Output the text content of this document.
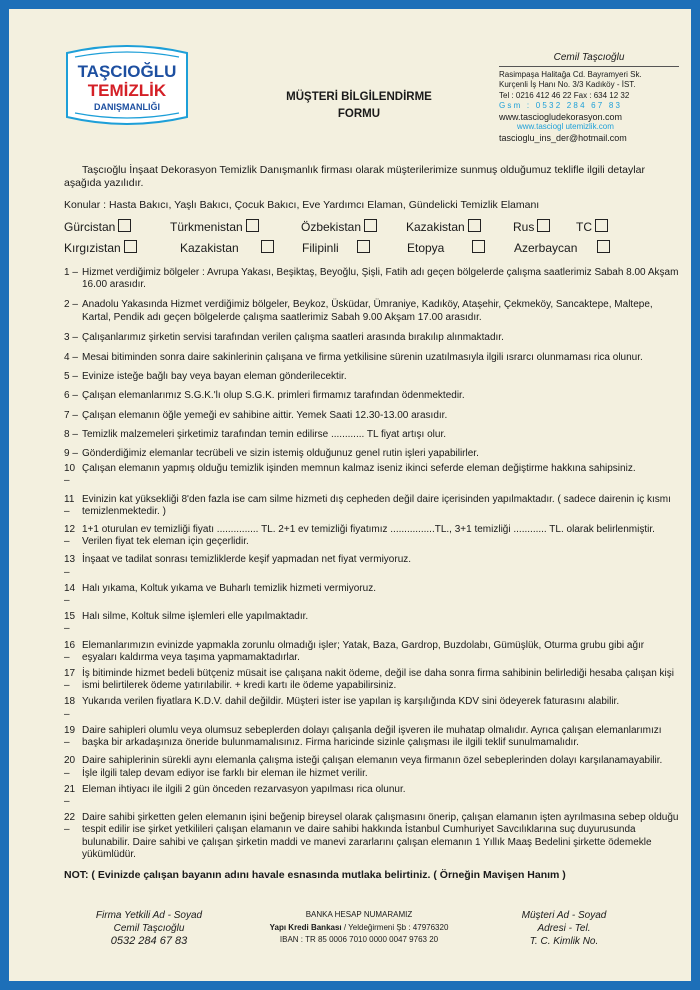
TAŞCIOĞLU
TEMİZLİK
DANIŞMANLIĞI
MÜŞTERİ BİLGİLENDİRME
FORMU
Cemil Taşcıoğlu
Rasimpaşa Halitağa Cd. Bayramyeri Sk.
Kurçenli İş Hanı No. 3/3 Kadıköy - İST.
Tel : 0216 412 46 22 Fax : 634 12 32
Gsm : 0532 284 67 83
www.tasciogludekorasyon.com
www.tasciogl utemizlik.com
tascioglu_ins_der@hotmail.com

Taşcıoğlu İnşaat Dekorasyon Temizlik Danışmanlık firması olarak müşterilerimize sunmuş olduğumuz teklifle ilgili detaylar aşağıda yazılıdır.

Konular : Hasta Bakıcı, Yaşlı Bakıcı, Çocuk Bakıcı, Eve Yardımcı Elaman, Gündelicki Temizlik Elamanı
Gürcistan	Türkmenistan	Özbekistan	Kazakistan	Rus	TC
Kırgızistan	Kazakistan	Filipinli	Etopya	Azerbaycan
1 – Hizmet verdiğimiz bölgeler : Avrupa Yakası, Beşiktaş, Beyoğlu, Şişli, Fatih adı geçen bölgelerde çalışma saatlerimiz Sabah 8.00 Akşam 16.00 arasıdır.
2 – Anadolu Yakasında Hizmet verdiğimiz bölgeler, Beykoz, Üsküdar, Ümraniye, Kadıköy, Ataşehir, Çekmeköy, Sancaktepe, Maltepe, Kartal, Pendik adı geçen bölgelerde çalışma saatlerimiz Sabah 9.00 Akşam 17.00 arasıdır.
3 – Çalışanlarımız şirketin servisi tarafından verilen çalışma saatleri arasında bırakılıp alınmaktadır.
4 – Mesai bitiminden sonra daire sakinlerinin çalışana ve firma yetkilisine sürenin uzatılmasıyla ilgili ısrarcı olunmaması rica olunur.
5 – Evinize isteğe bağlı bay veya bayan eleman gönderilecektir.
6 – Çalışan elemanlarımız S.G.K.'lı olup S.G.K. primleri firmamız tarafından ödenmektedir.
7 – Çalışan elemanın öğle yemeği ev sahibine aittir. Yemek Saati 12.30-13.00 arasıdır.
8 – Temizlik malzemeleri şirketimiz tarafından temin edilirse ............ TL fiyat artışı olur.
9 – Gönderdiğimiz elemanlar tecrübeli ve sizin istemiş olduğunuz genel rutin işleri yapabilirler.
10 –
Çalışan elemanın yapmış olduğu temizlik işinden memnun kalmaz iseniz ikinci seferde eleman değiştirme hakkına sahipsiniz.
11 –
Evinizin kat yüksekliği 8'den fazla ise cam silme hizmeti dış cepheden değil daire içerisinden yapılmaktadır. ( sadece dairenin iç kısmı temizlenmektedir. )
12 –
1+1 oturulan ev temizliği fiyatı ............... TL. 2+1 ev temizliği fiyatımız ................TL., 3+1 temizliği ............ TL. olarak belirlenmiştir. Verilen fiyat tek eleman için geçerlidir.
13 –
İnşaat ve tadilat sonrası temizliklerde keşif yapmadan net fiyat vermiyoruz.
14 –
Halı yıkama, Koltuk yıkama ve Buharlı temizlik hizmeti vermiyoruz.
15 –
Halı silme, Koltuk silme işlemleri elle yapılmaktadır.
16 –
Elemanlarımızın evinizde yapmakla zorunlu olmadığı işler; Yatak, Baza, Gardrop, Buzdolabı, Gümüşlük, Oturma grubu gibi ağır eşyaları kaldırma veya taşıma yapmamaktadırlar.
17 –
İş bitiminde hizmet bedeli bütçeniz müsait ise çalışana nakit ödeme, değil ise daha sonra firma sahibinin belirlediği hesaba çalışan kişi ismi belirtilerek ödeme yatırılabilir. + kredi kartı ile ödeme yapabilirsiniz.
18 –
Yukarıda verilen fiyatlara K.D.V. dahil değildir. Müşteri ister ise yapılan iş karşılığında KDV sini ödeyerek faturasını alabilir.
19 –
Daire sahipleri olumlu veya olumsuz sebeplerden dolayı çalışanla değil işveren ile muhatap olmalıdır. Ayrıca çalışan elemanlarımızı başka bir arkadaşınıza öneride bulunmamalısınız. Firma haricinde sizinle çalışması ile ilgili teklif sunulmamalıdır.
20 –
Daire sahiplerinin sürekli aynı elemanla çalışma isteği çalışan elemanın veya firmanın özel sebeplerinden dolayı karşılanamayabilir. İşle ilgili talep devam ediyor ise farklı bir eleman ile hizmet verilir.
21 –
Eleman ihtiyacı ile ilgili 2 gün önceden rezarvasyon yapılması rica olunur.
22 –
Daire sahibi şirketten gelen elemanın işini beğenip bireysel olarak çalışmasını önerip, çalışan elamanın işten ayrılmasına sebep olduğu tespit edilir ise şirket yetkilileri çalışan elamanın ve daire sahibi hakkında İstanbul Cumhuriyet Savcılıklarına suç duyurusunda bulunabilir. Daire sahibi ve çalışan şirketin maddi ve manevi zararlarını çalışan elemanın 1 Yıllık Maaş Bedelini şirkette ödemekle yükümlüdür.
NOT: ( Evinizde çalışan bayanın adını havale esnasında mutlaka belirtiniz. ( Örneğin Mavişen Hanım )
Firma Yetkili Ad - Soyad
Cemil Taşcıoğlu
0532 284 67 83
BANKA HESAP NUMARAMIZ
Yapı Kredi Bankası / Yeldeğirmeni Şb : 47976320
IBAN : TR 85 0006 7010 0000 0047 9763 20
Müşteri Ad - Soyad
Adresi - Tel.
T. C. Kimlik No.
